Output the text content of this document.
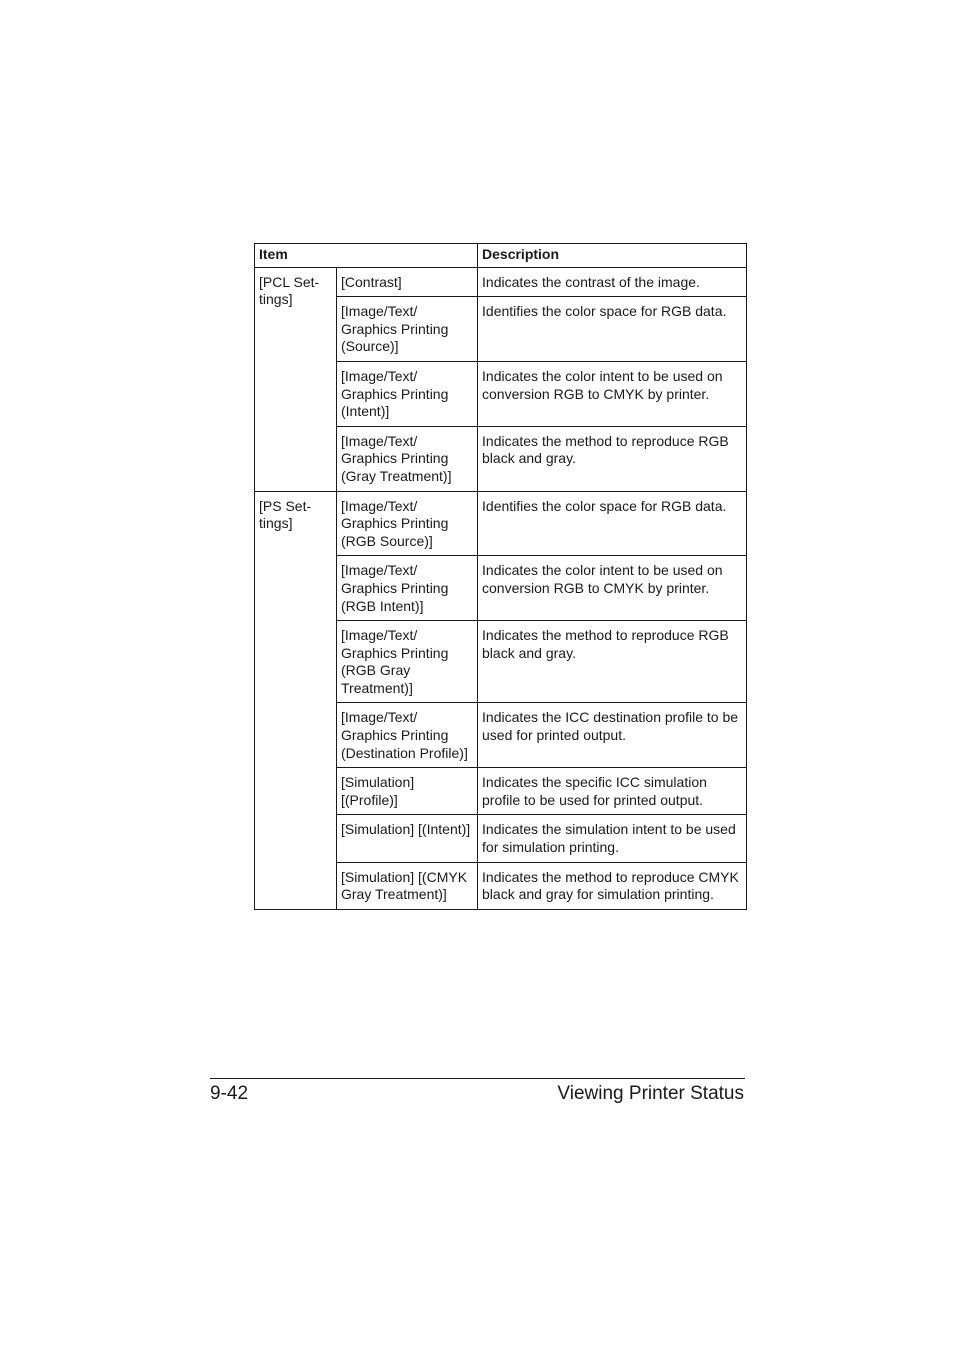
Item		Description
[PCL Set-
tings]	[Contrast]	Indicates the contrast of the image.
	[Image/Text/
Graphics Printing
(Source)]	Identifies the color space for RGB data.
	[Image/Text/
Graphics Printing
(Intent)]	Indicates the color intent to be used on conversion RGB to CMYK by printer.
	[Image/Text/
Graphics Printing
(Gray Treatment)]	Indicates the method to reproduce RGB black and gray.
[PS Set-
tings]	[Image/Text/
Graphics Printing
(RGB Source)]	Identifies the color space for RGB data.
	[Image/Text/
Graphics Printing
(RGB Intent)]	Indicates the color intent to be used on conversion RGB to CMYK by printer.
	[Image/Text/
Graphics Printing
(RGB Gray
Treatment)]	Indicates the method to reproduce RGB black and gray.
	[Image/Text/
Graphics Printing
(Destination Profile)]	Indicates the ICC destination profile to be used for printed output.
	[Simulation] [(Profile)]	Indicates the specific ICC simulation profile to be used for printed output.
	[Simulation] [(Intent)]	Indicates the simulation intent to be used for simulation printing.
	[Simulation] [(CMYK
Gray Treatment)]	Indicates the method to reproduce CMYK black and gray for simulation printing.
9-42	Viewing Printer Status
